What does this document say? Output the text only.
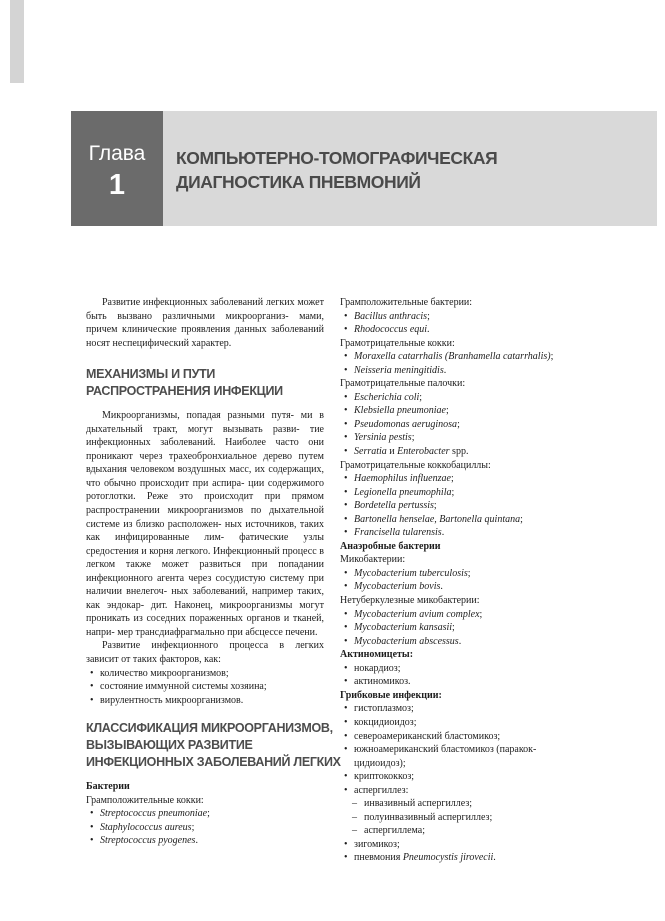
Глава
1
КОМПЬЮТЕРНО-ТОМОГРАФИЧЕСКАЯ
ДИАГНОСТИКА ПНЕВМОНИЙ

Развитие инфекционных заболеваний легких может быть вызвано различными микроорганиз- мами, причем клинические проявления данных заболеваний носят неспецифический характер.

МЕХАНИЗМЫ И ПУТИ
РАСПРОСТРАНЕНИЯ ИНФЕКЦИИ

Микроорганизмы, попадая разными путя- ми в дыхательный тракт, могут вызывать разви- тие инфекционных заболеваний. Наиболее часто они проникают через трахеобронхиальное дерево путем вдыхания человеком воздушных масс, их содержащих, что обычно происходит при аспира- ции содержимого ротоглотки. Реже это происходит при прямом распространении микроорганизмов по дыхательной системе из близко расположен- ных источников, таких как инфицированные лим- фатические узлы средостения и корня легкого. Инфекционный процесс в легком также может развиться при попадании инфекционного агента через сосудистую систему при наличии внелегоч- ных заболеваний, например таких, как эндокар- дит. Наконец, микроорганизмы могут проникать из соседних пораженных органов и тканей, напри- мер трансдиафрагмально при абсцессе печени.

Развитие инфекционного процесса в легких зависит от таких факторов, как:

• количество микроорганизмов;
• состояние иммунной системы хозяина;
• вирулентность микроорганизмов.
КЛАССИФИКАЦИЯ МИКРООРГАНИЗМОВ,
ВЫЗЫВАЮЩИХ РАЗВИТИЕ
ИНФЕКЦИОННЫХ ЗАБОЛЕВАНИЙ ЛЕГКИХ
Бактерии
Грамположительные кокки:
• Streptococcus pneumoniae;
• Staphylococcus aureus;
• Streptococcus pyogenes.
Грамположительные бактерии:
• Bacillus anthracis;
• Rhodococcus equi.
Грамотрицательные кокки:
• Moraxella catarrhalis (Branhamella catarrhalis);
• Neisseria meningitidis.
Грамотрицательные палочки:
• Escherichia coli;
• Klebsiella pneumoniae;
• Pseudomonas aeruginosa;
• Yersinia pestis;
• Serratia и Enterobacter spp.
Грамотрицательные коккобациллы:
• Haemophilus influenzae;
• Legionella pneumophila;
• Bordetella pertussis;
• Bartonella henselae, Bartonella quintana;
• Francisella tularensis.
Анаэробные бактерии
Микобактерии:
• Mycobacterium tuberculosis;
• Mycobacterium bovis.
Нетуберкулезные микобактерии:
• Mycobacterium avium complex;
• Mycobacterium kansasii;
• Mycobacterium abscessus.
Актиномицеты:
• нокардиоз;
• актиномикоз.
Грибковые инфекции:
• гистоплазмоз;
• кокцидиоидоз;
• североамериканский бластомикоз;
• южноамериканский бластомикоз (паракок-
цидиоидоз);
• криптококкоз;
• аспергиллез:
– инвазивный аспергиллез;
– полуинвазивный аспергиллез;
– аспергиллема;
• зигомикоз;
• пневмония Pneumocystis jirovecii.
